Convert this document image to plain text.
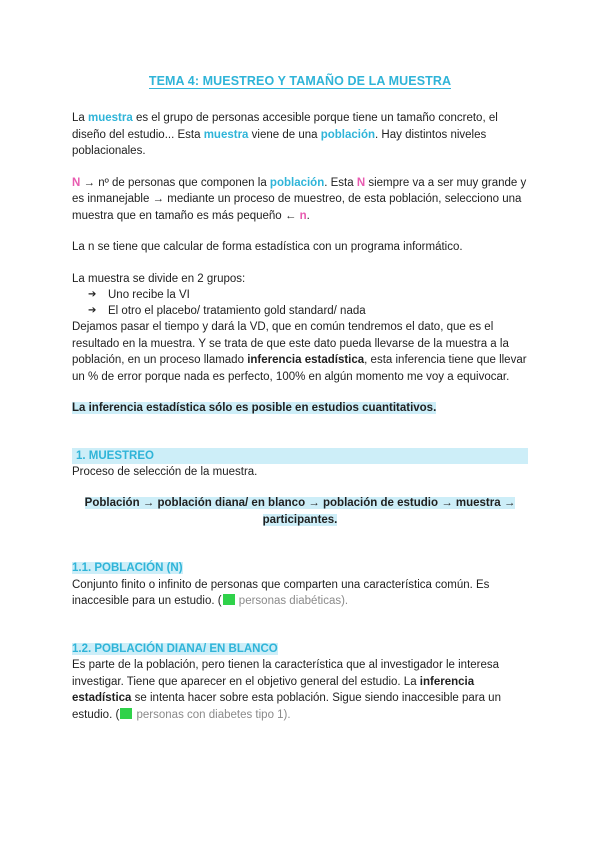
TEMA 4: MUESTREO Y TAMAÑO DE LA MUESTRA

La muestra es el grupo de personas accesible porque tiene un tamaño concreto, el diseño del estudio... Esta muestra viene de una población. Hay distintos niveles poblacionales.

N → nº de personas que componen la población. Esta N siempre va a ser muy grande y es inmanejable → mediante un proceso de muestreo, de esta población, selecciono una muestra que en tamaño es más pequeño ← n.

La n se tiene que calcular de forma estadística con un programa informático.

La muestra se divide en 2 grupos:

➔ Uno recibe la VI
➔ El otro el placebo/ tratamiento gold standard/ nada

Dejamos pasar el tiempo y dará la VD, que en común tendremos el dato, que es el resultado en la muestra. Y se trata de que este dato pueda llevarse de la muestra a la población, en un proceso llamado inferencia estadística, esta inferencia tiene que llevar un % de error porque nada es perfecto, 100% en algún momento me voy a equivocar.

La inferencia estadística sólo es posible en estudios cuantitativos.

1. MUESTREO

Proceso de selección de la muestra.

Población → población diana/ en blanco → población de estudio → muestra → participantes.

1.1. POBLACIÓN (N)

Conjunto finito o infinito de personas que comparten una característica común. Es inaccesible para un estudio. ( personas diabéticas).

1.2. POBLACIÓN DIANA/ EN BLANCO

Es parte de la población, pero tienen la característica que al investigador le interesa investigar. Tiene que aparecer en el objetivo general del estudio. La inferencia estadística se intenta hacer sobre esta población. Sigue siendo inaccesible para un estudio. ( personas con diabetes tipo 1).
